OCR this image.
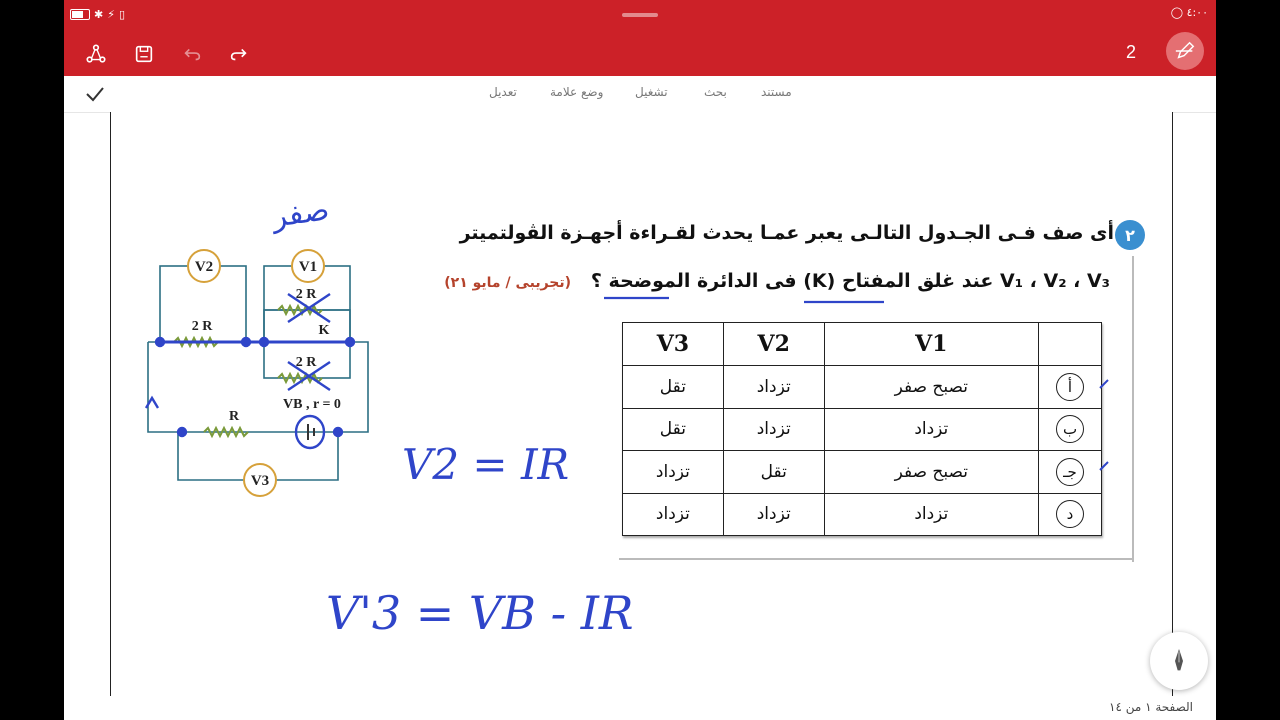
✱ ⚡ ▯	◯ ٤:٠٠
2
مستند
بحث
تشغيل
وضع علامة
تعديل
٢
أى صف فـى الجـدول التالـى يعبر عمـا يحدث لقـراءة أجهـزة الڤولتميتر
V₁ ، V₂ ، V₃ عند غلق المفتاح (K) فى الدائرة الموضحة ؟   (تجريبى / مايو ٢١)
	V1	V2	V3
أ	تصبح صفر	تزداد	تقل
ب	تزداد	تزداد	تقل
جـ	تصبح صفر	تقل	تزداد
د	تزداد	تزداد	تزداد
V2	V1
V3
2 R
2 R
2 R
K
R
VB , r = 0
صفر
V2 = IR
V'3 = VB - IR
الصفحة ١ من ١٤
